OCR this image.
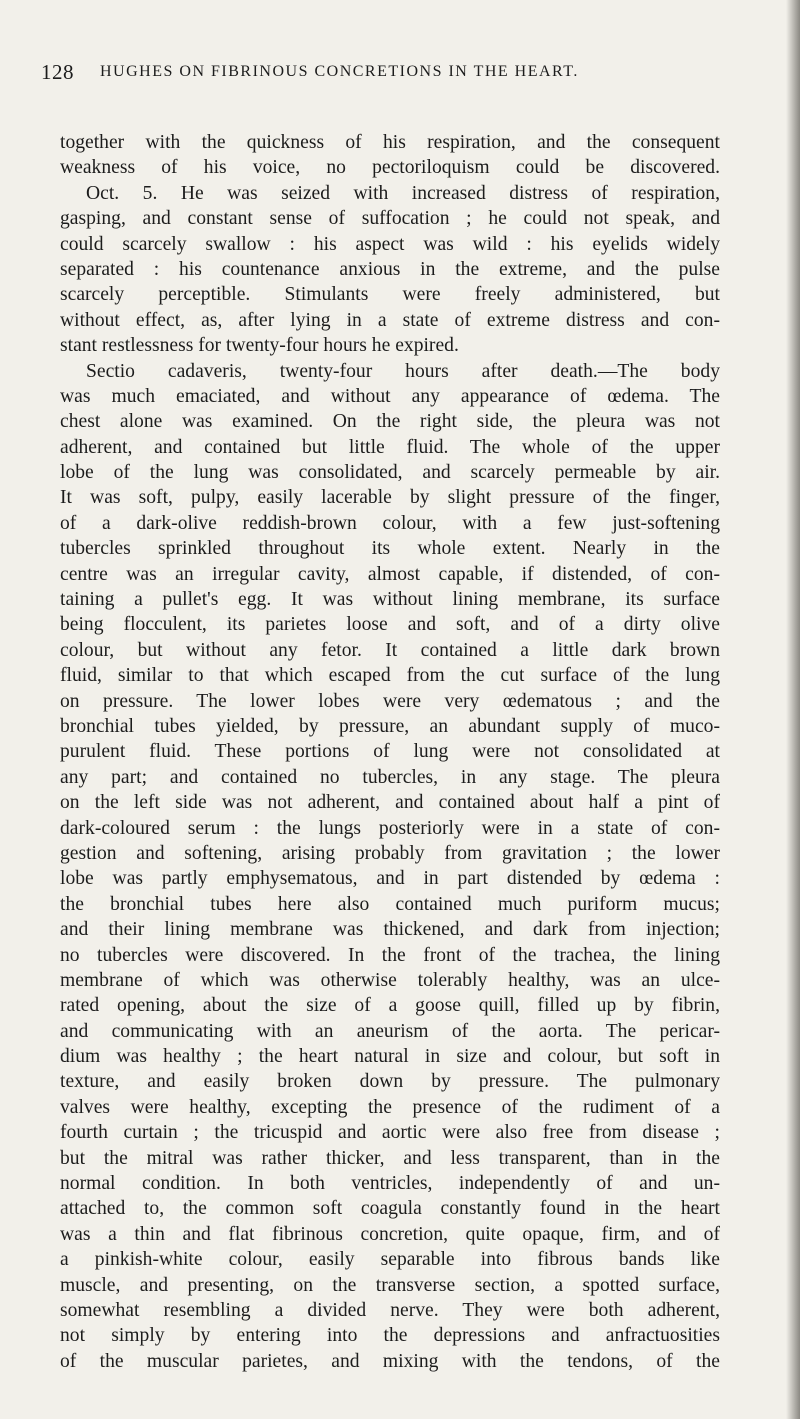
128 HUGHES ON FIBRINOUS CONCRETIONS IN THE HEART.
together with the quickness of his respiration, and the consequent
weakness of his voice, no pectoriloquism could be discovered.
Oct. 5. He was seized with increased distress of respiration,
gasping, and constant sense of suffocation ; he could not speak, and
could scarcely swallow : his aspect was wild : his eyelids widely
separated : his countenance anxious in the extreme, and the pulse
scarcely perceptible. Stimulants were freely administered, but
without effect, as, after lying in a state of extreme distress and con-
stant restlessness for twenty-four hours he expired.
Sectio cadaveris, twenty-four hours after death.—The body
was much emaciated, and without any appearance of œdema. The
chest alone was examined. On the right side, the pleura was not
adherent, and contained but little fluid. The whole of the upper
lobe of the lung was consolidated, and scarcely permeable by air.
It was soft, pulpy, easily lacerable by slight pressure of the finger,
of a dark-olive reddish-brown colour, with a few just-softening
tubercles sprinkled throughout its whole extent. Nearly in the
centre was an irregular cavity, almost capable, if distended, of con-
taining a pullet's egg. It was without lining membrane, its surface
being flocculent, its parietes loose and soft, and of a dirty olive
colour, but without any fetor. It contained a little dark brown
fluid, similar to that which escaped from the cut surface of the lung
on pressure. The lower lobes were very œdematous ; and the
bronchial tubes yielded, by pressure, an abundant supply of muco-
purulent fluid. These portions of lung were not consolidated at
any part; and contained no tubercles, in any stage. The pleura
on the left side was not adherent, and contained about half a pint of
dark-coloured serum : the lungs posteriorly were in a state of con-
gestion and softening, arising probably from gravitation ; the lower
lobe was partly emphysematous, and in part distended by œdema :
the bronchial tubes here also contained much puriform mucus;
and their lining membrane was thickened, and dark from injection;
no tubercles were discovered. In the front of the trachea, the lining
membrane of which was otherwise tolerably healthy, was an ulce-
rated opening, about the size of a goose quill, filled up by fibrin,
and communicating with an aneurism of the aorta. The pericar-
dium was healthy ; the heart natural in size and colour, but soft in
texture, and easily broken down by pressure. The pulmonary
valves were healthy, excepting the presence of the rudiment of a
fourth curtain ; the tricuspid and aortic were also free from disease ;
but the mitral was rather thicker, and less transparent, than in the
normal condition. In both ventricles, independently of and un-
attached to, the common soft coagula constantly found in the heart
was a thin and flat fibrinous concretion, quite opaque, firm, and of
a pinkish-white colour, easily separable into fibrous bands like
muscle, and presenting, on the transverse section, a spotted surface,
somewhat resembling a divided nerve. They were both adherent,
not simply by entering into the depressions and anfractuosities
of the muscular parietes, and mixing with the tendons, of the
